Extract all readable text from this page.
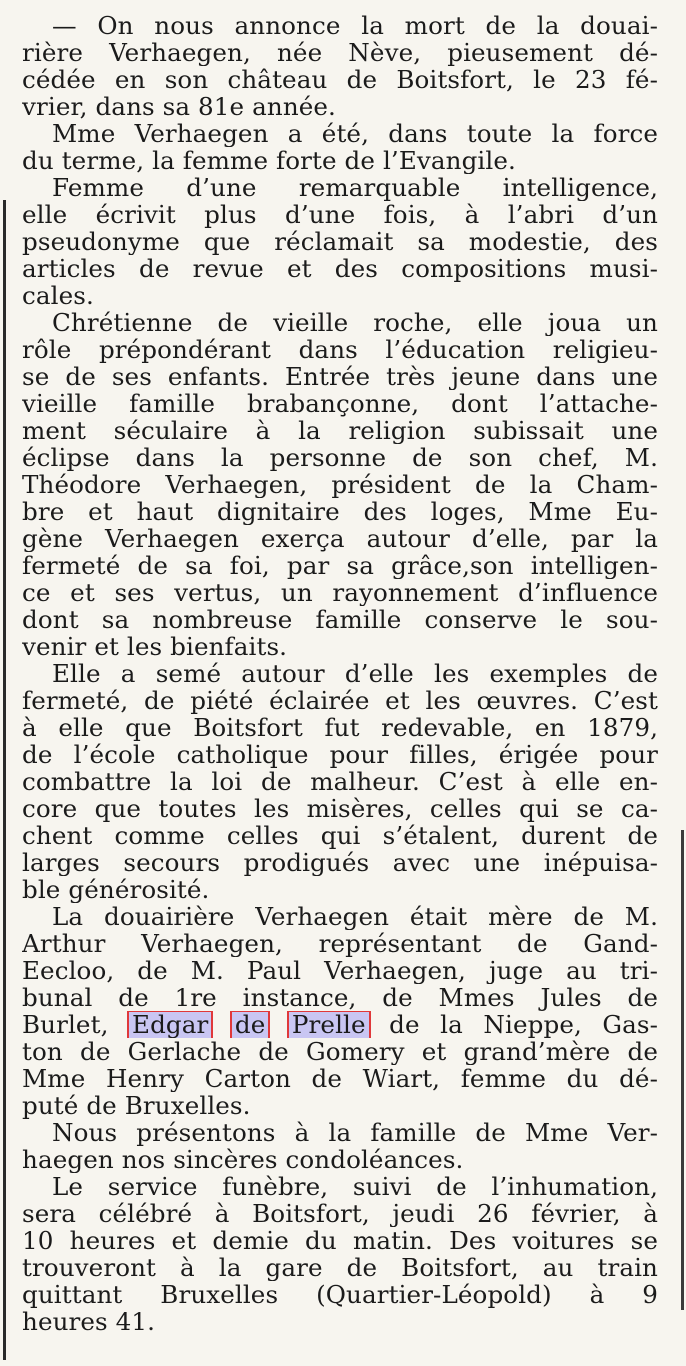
— On nous annonce la mort de la douai-
rière Verhaegen, née Nève, pieusement dé-
cédée en son château de Boitsfort, le 23 fé-
vrier, dans sa 81e année.
Mme Verhaegen a été, dans toute la force
du terme, la femme forte de l’Evangile.
Femme d’une remarquable intelligence,
elle écrivit plus d’une fois, à l’abri d’un
pseudonyme que réclamait sa modestie, des
articles de revue et des compositions musi-
cales.
Chrétienne de vieille roche, elle joua un
rôle prépondérant dans l’éducation religieu-
se de ses enfants. Entrée très jeune dans une
vieille famille brabançonne, dont l’attache-
ment séculaire à la religion subissait une
éclipse dans la personne de son chef, M.
Théodore Verhaegen, président de la Cham-
bre et haut dignitaire des loges, Mme Eu-
gène Verhaegen exerça autour d’elle, par la
fermeté de sa foi, par sa grâce,son intelligen-
ce et ses vertus, un rayonnement d’influence
dont sa nombreuse famille conserve le sou-
venir et les bienfaits.
Elle a semé autour d’elle les exemples de
fermeté, de piété éclairée et les œuvres. C’est
à elle que Boitsfort fut redevable, en 1879,
de l’école catholique pour filles, érigée pour
combattre la loi de malheur. C’est à elle en-
core que toutes les misères, celles qui se ca-
chent comme celles qui s’étalent, durent de
larges secours prodigués avec une inépuisa-
ble générosité.
La douairière Verhaegen était mère de M.
Arthur Verhaegen, représentant de Gand-
Eecloo, de M. Paul Verhaegen, juge au tri-
bunal de 1re instance, de Mmes Jules de
Burlet, Edgar de Prelle de la Nieppe, Gas-
ton de Gerlache de Gomery et grand’mère de
Mme Henry Carton de Wiart, femme du dé-
puté de Bruxelles.
Nous présentons à la famille de Mme Ver-
haegen nos sincères condoléances.
Le service funèbre, suivi de l’inhumation,
sera célébré à Boitsfort, jeudi 26 février, à
10 heures et demie du matin. Des voitures se
trouveront à la gare de Boitsfort, au train
quittant Bruxelles (Quartier-Léopold) à 9
heures 41.
